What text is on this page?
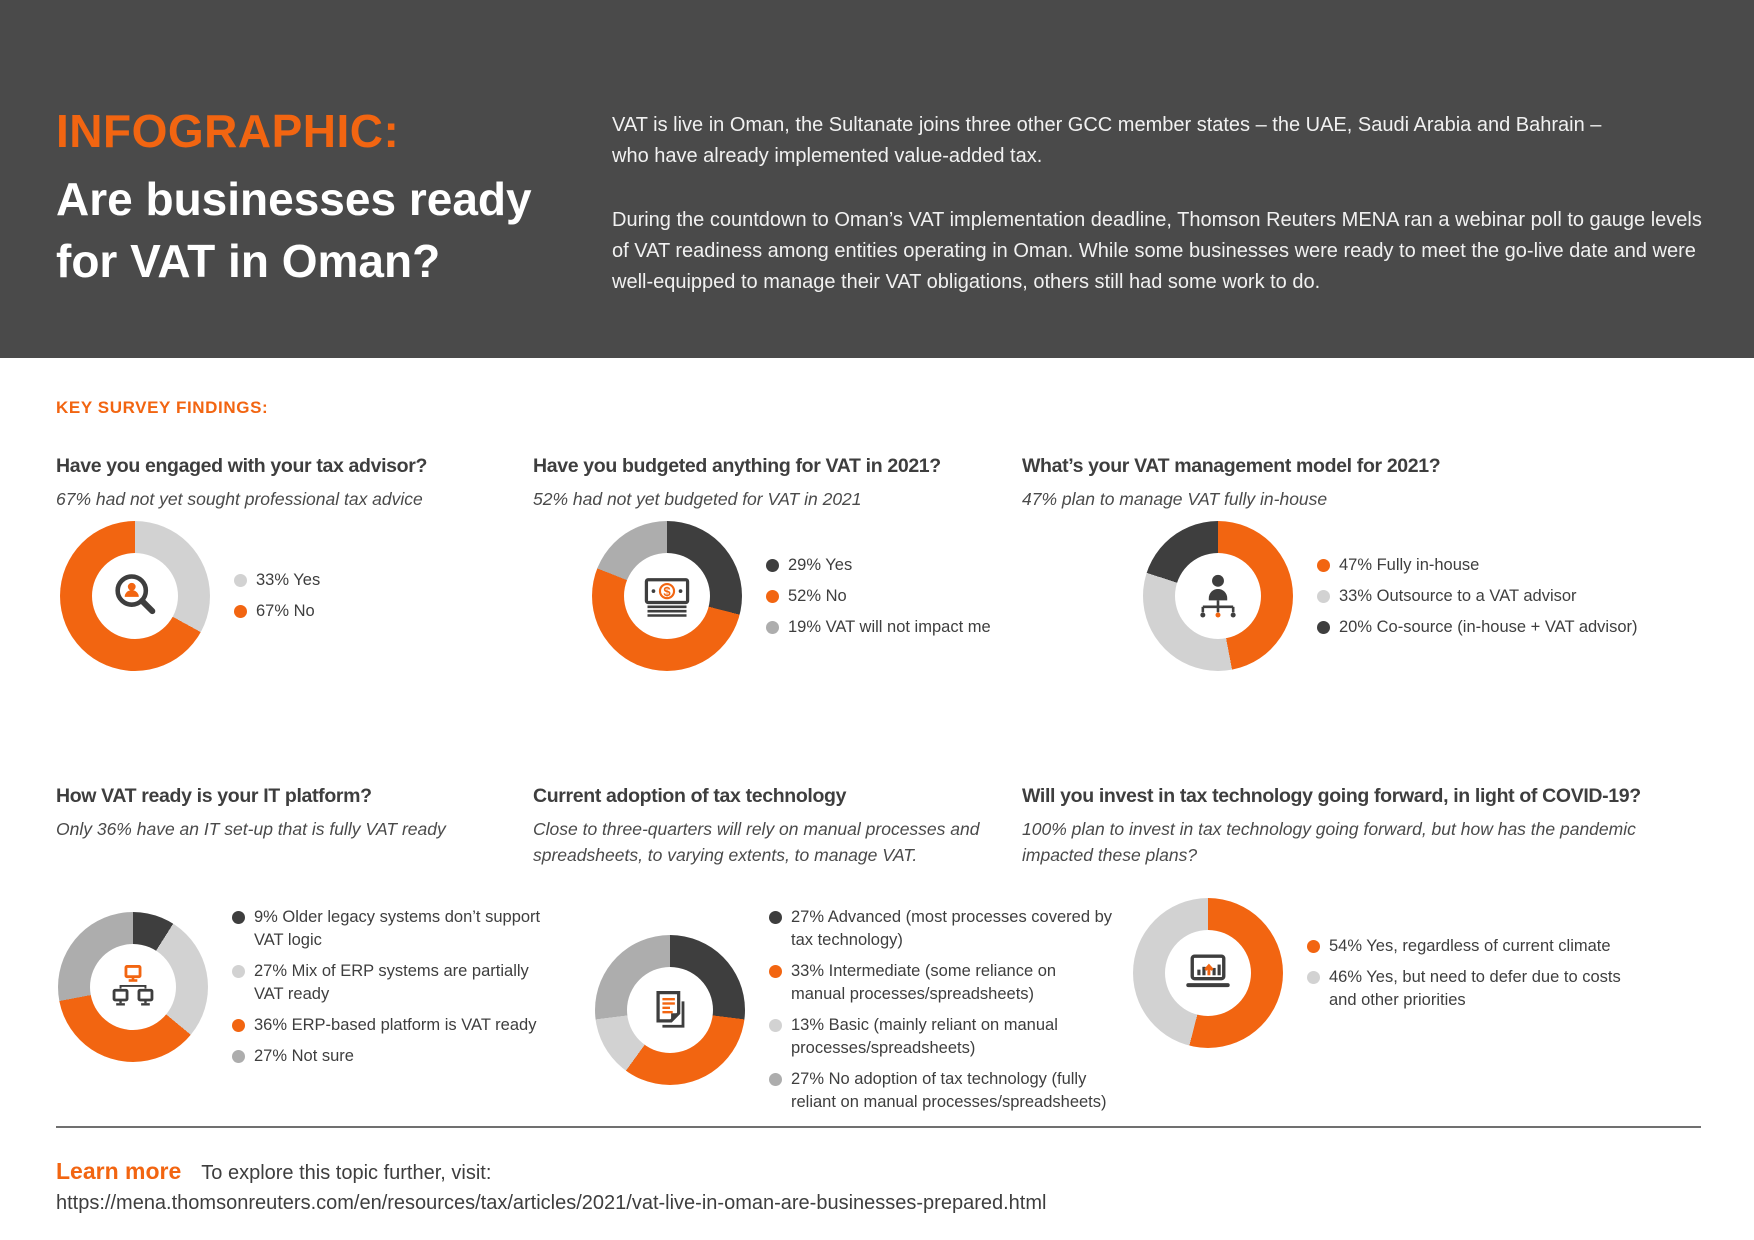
INFOGRAPHIC:
Are businesses ready
for VAT in Oman?

VAT is live in Oman, the Sultanate joins three other GCC member states – the UAE, Saudi Arabia and Bahrain – who have already implemented value-added tax.

During the countdown to Oman’s VAT implementation deadline, Thomson Reuters MENA ran a webinar poll to gauge levels of VAT readiness among entities operating in Oman. While some businesses were ready to meet the go-live date and were well-equipped to manage their VAT obligations, others still had some work to do.

KEY SURVEY FINDINGS:
Have you engaged with your tax advisor?

67% had not yet sought professional tax advice

Have you budgeted anything for VAT in 2021?

52% had not yet budgeted for VAT in 2021

What’s your VAT management model for 2021?

47% plan to manage VAT fully in-house

How VAT ready is your IT platform?

Only 36% have an IT set-up that is fully VAT ready

Current adoption of tax technology

Close to three-quarters will rely on manual processes and spreadsheets, to varying extents, to manage VAT.

Will you invest in tax technology going forward, in light of COVID-19?

100% plan to invest in tax technology going forward, but how has the pandemic impacted these plans?

33% Yes
67% No
$
29% Yes
52% No
19% VAT will not impact me
47% Fully in-house
33% Outsource to a VAT advisor
20% Co-source (in-house + VAT advisor)
9% Older legacy systems don’t support VAT logic
27% Mix of ERP systems are partially VAT ready
36% ERP-based platform is VAT ready
27% Not sure
27% Advanced (most processes covered by tax technology)
33% Intermediate (some reliance on manual processes/spreadsheets)
13% Basic (mainly reliant on manual processes/spreadsheets)
27% No adoption of tax technology (fully reliant on manual processes/spreadsheets)
54% Yes, regardless of current climate
46% Yes, but need to defer due to costs and other priorities
Learn more To explore this topic further, visit:
https://mena.thomsonreuters.com/en/resources/tax/articles/2021/vat-live-in-oman-are-businesses-prepared.html
